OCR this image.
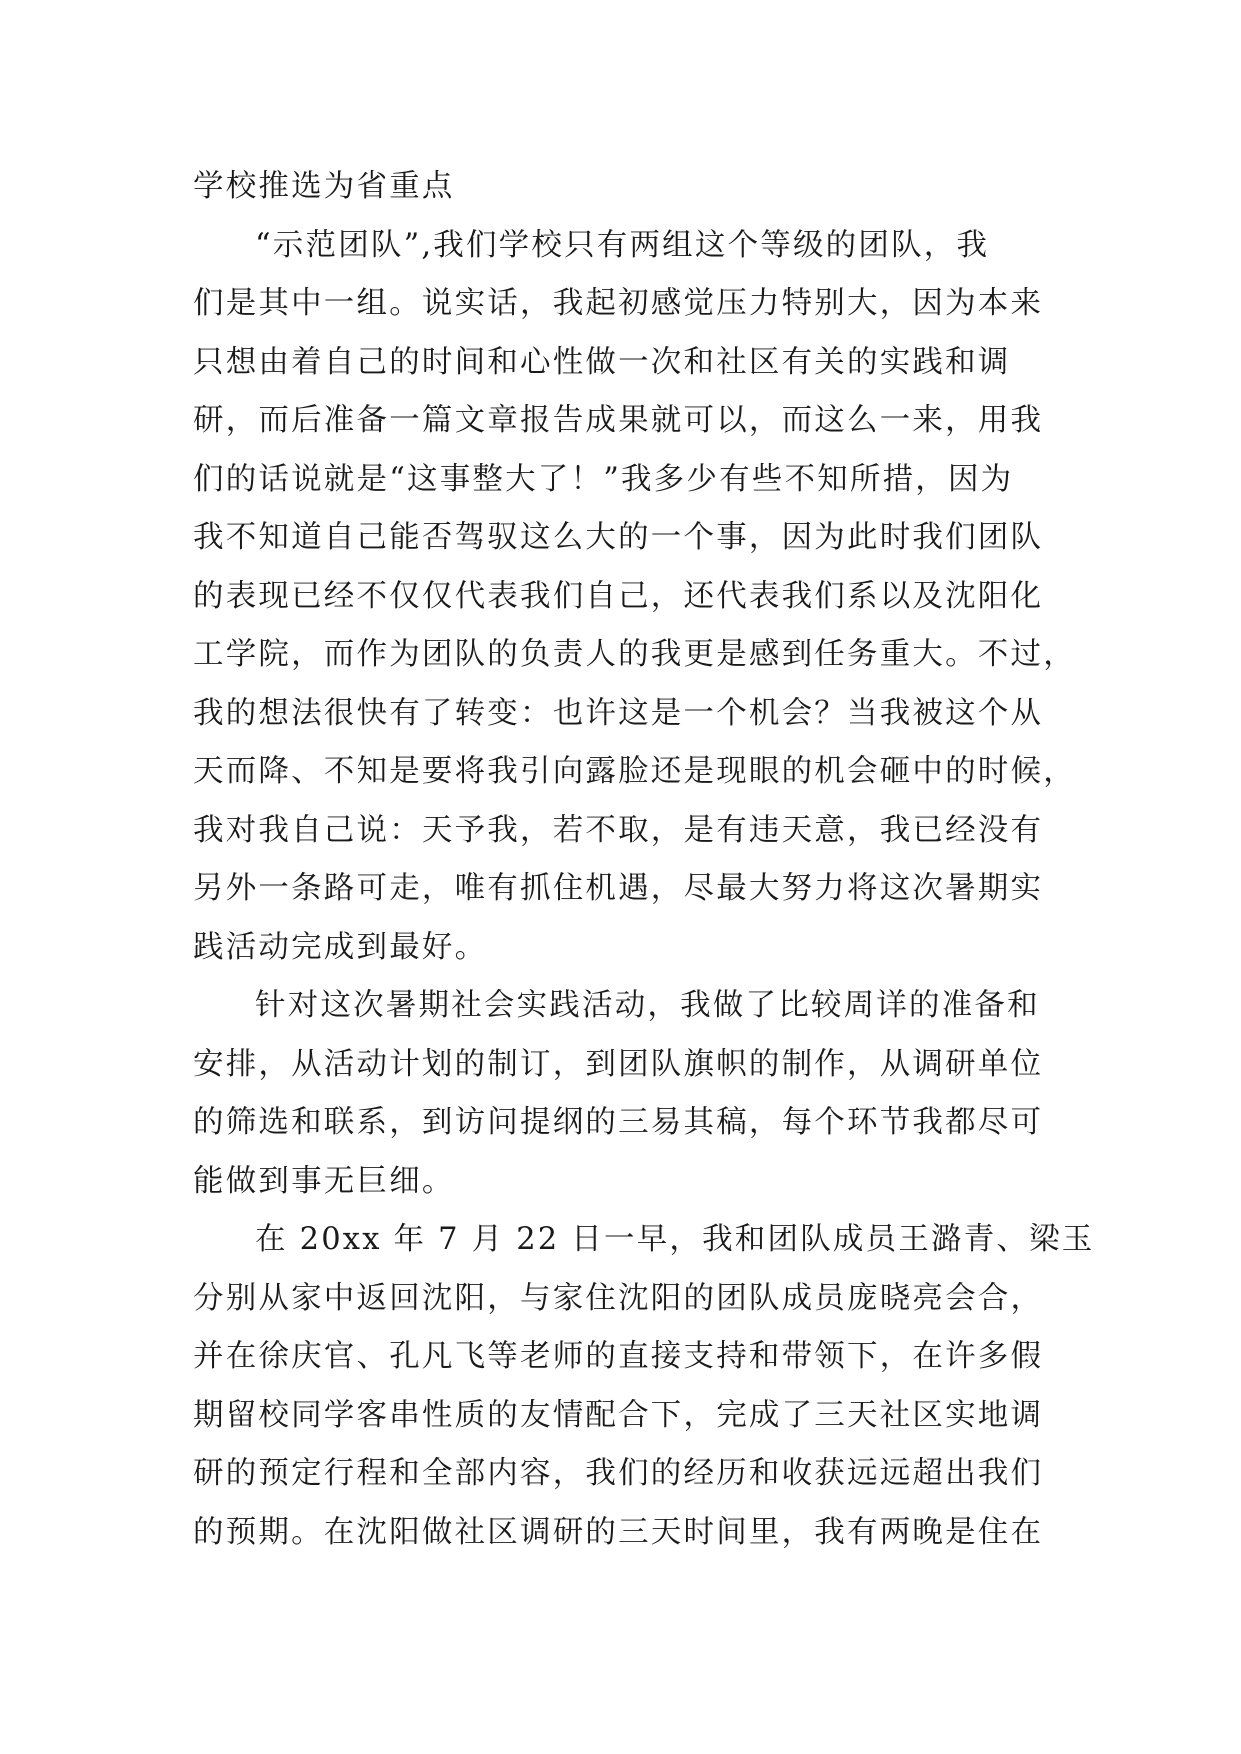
学校推选为省重点
“示范团队”,我们学校只有两组这个等级的团队，我
们是其中一组。说实话，我起初感觉压力特别大，因为本来
只想由着自己的时间和心性做一次和社区有关的实践和调
研，而后准备一篇文章报告成果就可以，而这么一来，用我
们的话说就是“这事整大了！”我多少有些不知所措，因为
我不知道自己能否驾驭这么大的一个事，因为此时我们团队
的表现已经不仅仅代表我们自己，还代表我们系以及沈阳化
工学院，而作为团队的负责人的我更是感到任务重大。不过，
我的想法很快有了转变：也许这是一个机会？当我被这个从
天而降、不知是要将我引向露脸还是现眼的机会砸中的时候，
我对我自己说：天予我，若不取，是有违天意，我已经没有
另外一条路可走，唯有抓住机遇，尽最大努力将这次暑期实
践活动完成到最好。
针对这次暑期社会实践活动，我做了比较周详的准备和
安排，从活动计划的制订，到团队旗帜的制作，从调研单位
的筛选和联系，到访问提纲的三易其稿，每个环节我都尽可
能做到事无巨细。
在 20xx 年 7 月 22 日一早，我和团队成员王潞青、梁玉
分别从家中返回沈阳，与家住沈阳的团队成员庞晓亮会合，
并在徐庆官、孔凡飞等老师的直接支持和带领下，在许多假
期留校同学客串性质的友情配合下，完成了三天社区实地调
研的预定行程和全部内容，我们的经历和收获远远超出我们
的预期。在沈阳做社区调研的三天时间里，我有两晚是住在
